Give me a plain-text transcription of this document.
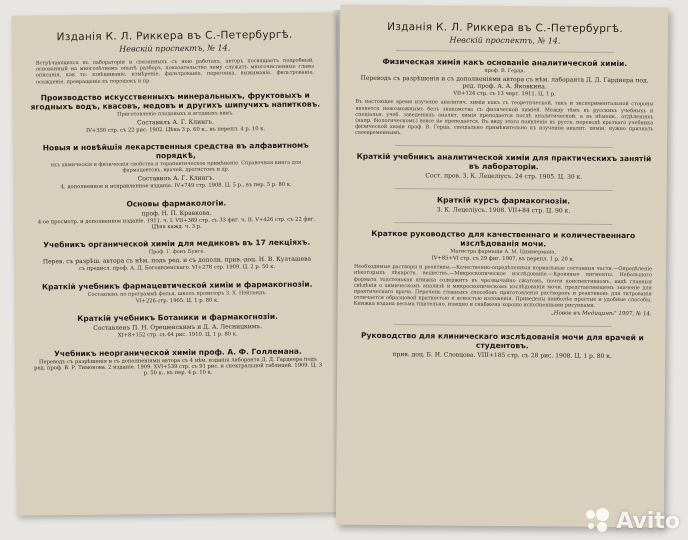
Изданія К. Л. Риккера въ С.-Петербургѣ.
Невскій проспектъ, № 14.
Встрѣчающихся въ лабораторіи и связанныхъ съ нею работахъ, авторъ посвящаетъ подробный, основанный на многолѣтнемъ опытѣ разборъ, показательство чему служатъ многочисленные главы описанія, как то: взвѣшиваніе, измѣреніе, фильтрованіе, перегонка, выжиманіе, фильтрованіе, осажденіе, превращеніе въ порошокъ и пр.
Производство искусственныхъ минеральныхъ, фруктовыхъ и ягодныхъ водъ, квасовъ, медовъ и другихъ шипучихъ напитковъ.
Приготовленіе плодовыхъ и ягодныхъ винъ.
Составилъ А. Г. Клингъ.
IV+350 стр. съ 22 рис. 1902. Цѣна 3 р. 60 к., въ перепл. 4 р. 10 к.
Новыя и новѣйшія лекарственныя средства въ алфавитномъ порядкѣ,
ихъ химическія и физическія свойства и терапевтическое примѣненіе. Справочная книга для фармацевтовъ, врачей, дрогистовъ и др.
Составилъ А. Г. Клингъ.
4, дополненное и исправленное изданіе. IV+749 стр. 1908. Ц. 5 р., въ пер. 5 р. 80 к.
Основы фармакологіи.
проф. Н. П. Кравкова.
4-ое просмотр. и дополненное изданіе. 1911. ч. I. VII+389 стр. съ 33 фиг. ч. II. V+426 стр. съ 22 фиг. Цѣна кажд. ч. 3 р.
Учебникъ органической химіи для медиковъ въ 17 лекціяхъ.
Проф. Г. фонъ Бунге.
Перев. съ разрѣш. автора съ нѣм. подъ ред. и съ дополн. прив.-доц. Н. В. Култашева
съ предисл. проф. А. Д. Богоявленскаго. VI+278 стр. 1909. Ц. 2 р. 50 к.
Краткій учебникъ фармацевтической химіи и фармакогнозіи.
Составленъ по программѣ фельд. школъ провизоръ З. Х. Нейландъ.
VI+226 стр. 1905. Ц. 1 р. 80 к.
Краткій учебникъ Ботаники и фармакогнозіи.
Составленъ П. Н. Орешенскимъ и Д. А. Лесницкимъ.
XI+8+152 стр. съ 64 рис. 1910. Ц. 1 р. 80 к.
Учебникъ неорганической химіи проф. А. Ф. Голлемана.
Переводъ съ разрѣшенія и съ дополненіями автора съ 4 нѣм. изданія лаборанта Д. Д. Гарднера подъ ред. проф. В. Р. Тимонова. 2 изданіе. 1909. XVI+539 стр. съ 91 рис. и спектральной таблицей. 1909. Ц. 3 р. 50 к., въ пер. 4 р. 10 к.
Изданія К. Л. Риккера въ С.-Петербургѣ.
Невскій проспектъ, № 14.
Физическая химія какъ основаніе аналитической химіи.
проф. В. Герца.
Переводъ съ разрѣшенія и съ дополненіями автора съ нѣм. лаборанта Д. Д. Гарднера под. ред. проф. А. А. Яковкина.
VII+124 стр. съ 13 черт. 1911. Ц. 1 р.
Въ настоящее время изученіе аналитич. химіи какъ съ теоретической, такъ и экспериментальной стороны является невозможнымъ безъ знакомства съ физической химіей. Между тѣмъ въ русскихъ учебныхъ и спеціальн. учеб. заведеніяхъ аналит. химія преподается послѣ аналитической, а въ нѣмецк., отдѣленіяхъ (напр. біологическомъ) вовсе не преподается. Въ виду этого появленіе въ русск. переводѣ краткаго учебника физической химіи проф. В. Герца, спеціально примѣнительно къ изученію аналит. химіи, нужно признать своевременнымъ.
Краткій учебникъ аналитической химіи для практическихъ занятій въ лабораторіи.
Сост. пров. З. К. Лецеліусъ. 24 стр. 1905. Ц. 30 к.
Краткій курсъ фармакогнозіи.
З. К. Лецеліусъ. 1908. VII+84 стр. Ц. 90 к.
Краткое руководство для качественнаго и количественнаго изслѣдованія мочи.
Магистра фармаціи А. М. Циммермана.
IV+85+VI стр. съ 29 фиг. 1907, въ перепл. 1 р. 20 к.
Необходимые растворы и реактивы.—Качественно-опредѣленныя нормальные составныя части.—Опредѣленіе нѣкоторыхъ лѣкарств. веществъ.—Микроскопическое изслѣдованіе.—Кровяные пигменты. Небольшого формата толстенькая книжка содержитъ въ чрезвычайно сжатомъ, почти конспективномъ, видѣ главныя свѣдѣнія о химическомъ анализѣ и микроскопическомъ изслѣдованіи мочи, представляющемъ значеніе для практическаго врача. Перечень главныхъ способовъ приготовленія растворовъ и реактивовъ для титрованія отличается образцовой краткостью и ясностью изложенія. Приведены наиболѣе простые и удобные способы. Книжка издана весьма тщательно, изящно и снабжена хорошо исполненными рисунками.
„Новое въ Медицинѣ“ 1907, № 14.
Руководство для клиническаго изслѣдованія мочи для врачей и студентовъ.
прив. доц. Б. И. Словцова. VIII+185 стр. съ 28 рис. 1908. Ц. 1 р. 80 к.
Avito
